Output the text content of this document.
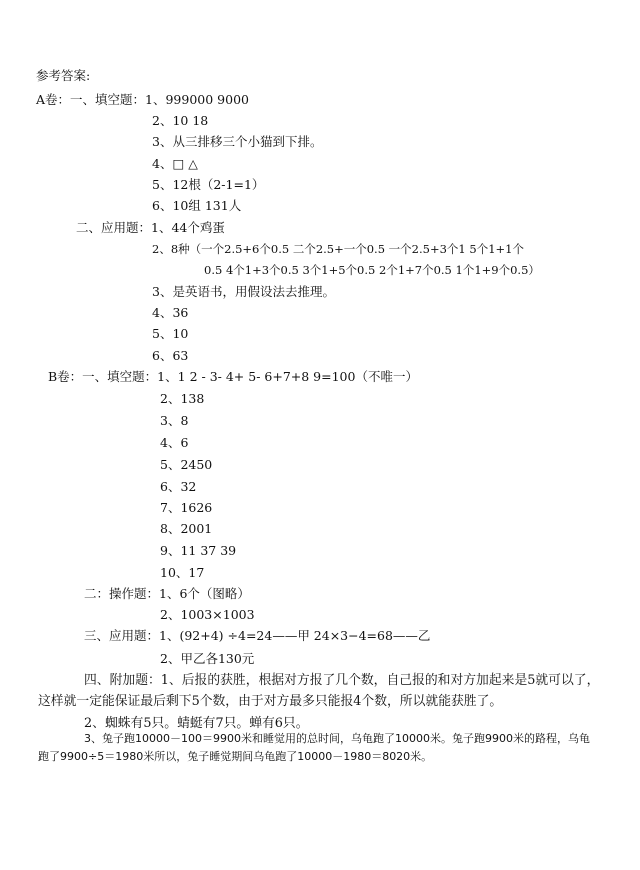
参考答案:
A卷：一、填空题：1、999000 9000
2、10 18
3、从三排移三个小猫到下排。
4、□ △
5、12根（2-1=1）
6、10组 131人
二、应用题：1、44个鸡蛋
2、8种（一个2.5+6个0.5 二个2.5+一个0.5 一个2.5+3个1 5个1+1个
0.5 4个1+3个0.5 3个1+5个0.5 2个1+7个0.5 1个1+9个0.5）
3、是英语书，用假设法去推理。
4、36
5、10
6、63
B卷：一、填空题：1、1 2 - 3- 4+ 5- 6+7+8 9=100（不唯一）
2、138
3、8
4、6
5、2450
6、32
7、1626
8、2001
9、11 37 39
10、17
二：操作题：1、6个（图略）
2、1003×1003
三、应用题：1、(92+4) ÷4=24——甲 24×3−4=68——乙
2、甲乙各130元
四、附加题：1、后报的获胜，根据对方报了几个数，自己报的和对方加起来是5就可以了，
这样就一定能保证最后剩下5个数，由于对方最多只能报4个数，所以就能获胜了。
2、蜘蛛有5只。蜻蜓有7只。蝉有6只。
3、兔子跑10000－100＝9900米和睡觉用的总时间，乌龟跑了10000米。兔子跑9900米的路程，乌龟
跑了9900÷5＝1980米所以，兔子睡觉期间乌龟跑了10000－1980＝8020米。
